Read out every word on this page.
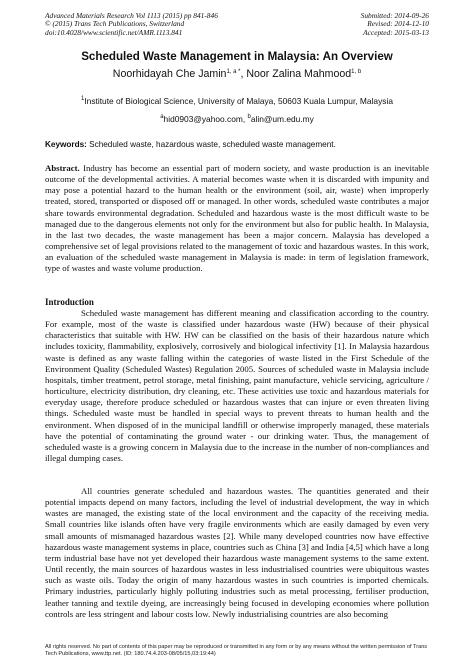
Advanced Materials Research Vol 1113 (2015) pp 841-846
© (2015) Trans Tech Publications, Switzerland
doi:10.4028/www.scientific.net/AMR.1113.841
Submitted: 2014-09-26
Revised: 2014-12-10
Accepted: 2015-03-13
Scheduled Waste Management in Malaysia: An Overview
Noorhidayah Che Jamin$^{1, a *}$, Noor Zalina Mahmood$^{1, b}$
$^1$Institute of Biological Science, University of Malaya, 50603 Kuala Lumpur, Malaysia
$^a$hid0903@yahoo.com, $^b$alin@um.edu.my
Keywords: Scheduled waste, hazardous waste, scheduled waste management.
Abstract. Industry has become an essential part of modern society, and waste production is an inevitable outcome of the developmental activities. A material becomes waste when it is discarded with impunity and may pose a potential hazard to the human health or the environment (soil, air, waste) when improperly treated, stored, transported or disposed off or managed. In other words, scheduled waste contributes a major share towards environmental degradation. Scheduled and hazardous waste is the most difficult waste to be managed due to the dangerous elements not only for the environment but also for public health. In Malaysia, in the last two decades, the waste management has been a major concern. Malaysia has developed a comprehensive set of legal provisions related to the management of toxic and hazardous wastes. In this work, an evaluation of the scheduled waste management in Malaysia is made: in term of legislation framework, type of wastes and waste volume production.
Introduction
Scheduled waste management has different meaning and classification according to the country. For example, most of the waste is classified under hazardous waste (HW) because of their physical characteristics that suitable with HW. HW can be classified on the basis of their hazardous nature which includes toxicity, flammability, explosively, corrosively and biological infectivity [1]. In Malaysia hazardous waste is defined as any waste falling within the categories of waste listed in the First Schedule of the Environment Quality (Scheduled Wastes) Regulation 2005. Sources of scheduled waste in Malaysia include hospitals, timber treatment, petrol storage, metal finishing, paint manufacture, vehicle servicing, agriculture / horticulture, electricity distribution, dry cleaning, etc. These activities use toxic and hazardous materials for everyday usage, therefore produce scheduled or hazardous wastes that can injure or even threaten living things. Scheduled waste must be handled in special ways to prevent threats to human health and the environment. When disposed of in the municipal landfill or otherwise improperly managed, these materials have the potential of contaminating the ground water - our drinking water. Thus, the management of scheduled waste is a growing concern in Malaysia due to the increase in the number of non-compliances and illegal dumping cases.
All countries generate scheduled and hazardous wastes. The quantities generated and their potential impacts depend on many factors, including the level of industrial development, the way in which wastes are managed, the existing state of the local environment and the capacity of the receiving media. Small countries like islands often have very fragile environments which are easily damaged by even very small amounts of mismanaged hazardous wastes [2]. While many developed countries now have effective hazardous waste management systems in place, countries such as China [3] and India [4,5] which have a long term industrial base have not yet developed their hazardous waste management systems to the same extent. Until recently, the main sources of hazardous wastes in less industrialised countries were ubiquitous wastes such as waste oils. Today the origin of many hazardous wastes in such countries is imported chemicals. Primary industries, particularly highly polluting industries such as metal processing, fertiliser production, leather tanning and textile dyeing, are increasingly being focused in developing economies where pollution controls are less stringent and labour costs low. Newly industrialising countries are also becoming
All rights reserved. No part of contents of this paper may be reproduced or transmitted in any form or by any means without the written permission of Trans Tech Publications, www.ttp.net. (ID: 180.74.4.203-08/05/15,03:19:44)
